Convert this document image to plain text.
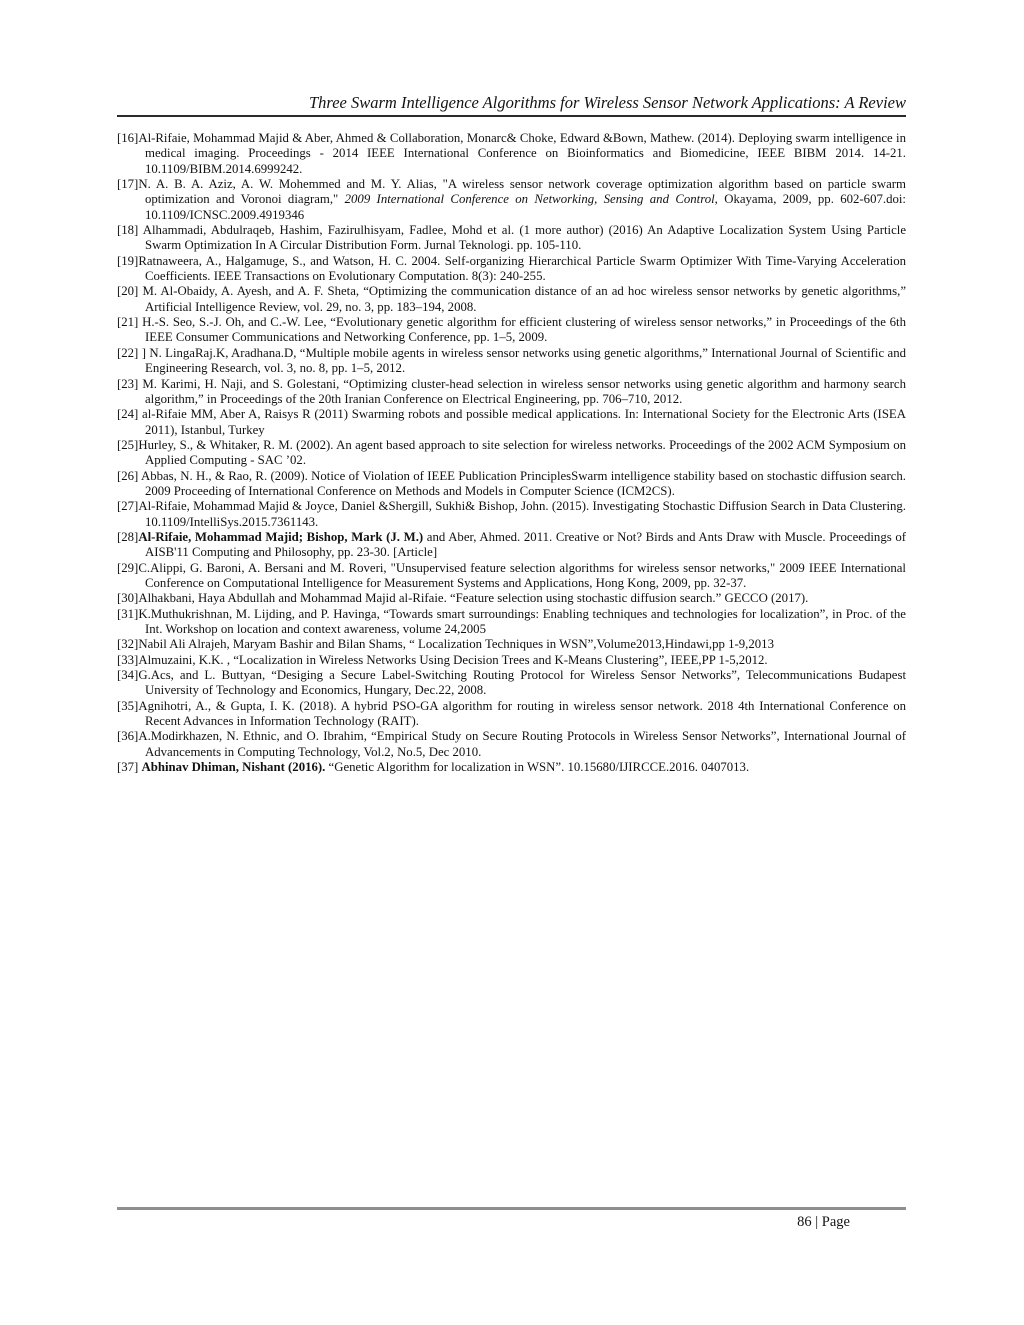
Three Swarm Intelligence Algorithms for Wireless Sensor Network Applications: A Review

[16]Al-Rifaie, Mohammad Majid & Aber, Ahmed & Collaboration, Monarc& Choke, Edward &Bown, Mathew. (2014). Deploying swarm intelligence in medical imaging. Proceedings - 2014 IEEE International Conference on Bioinformatics and Biomedicine, IEEE BIBM 2014. 14-21. 10.1109/BIBM.2014.6999242.

[17]N. A. B. A. Aziz, A. W. Mohemmed and M. Y. Alias, "A wireless sensor network coverage optimization algorithm based on particle swarm optimization and Voronoi diagram," 2009 International Conference on Networking, Sensing and Control, Okayama, 2009, pp. 602-607.doi: 10.1109/ICNSC.2009.4919346

[18] Alhammadi, Abdulraqeb, Hashim, Fazirulhisyam, Fadlee, Mohd et al. (1 more author) (2016) An Adaptive Localization System Using Particle Swarm Optimization In A Circular Distribution Form. Jurnal Teknologi. pp. 105-110.

[19]Ratnaweera, A., Halgamuge, S., and Watson, H. C. 2004. Self-organizing Hierarchical Particle Swarm Optimizer With Time-Varying Acceleration Coefficients. IEEE Transactions on Evolutionary Computation. 8(3): 240-255.

[20] M. Al-Obaidy, A. Ayesh, and A. F. Sheta, “Optimizing the communication distance of an ad hoc wireless sensor networks by genetic algorithms,” Artificial Intelligence Review, vol. 29, no. 3, pp. 183–194, 2008.

[21] H.-S. Seo, S.-J. Oh, and C.-W. Lee, “Evolutionary genetic algorithm for efficient clustering of wireless sensor networks,” in Proceedings of the 6th IEEE Consumer Communications and Networking Conference, pp. 1–5, 2009.

[22] ] N. LingaRaj.K, Aradhana.D, “Multiple mobile agents in wireless sensor networks using genetic algorithms,” International Journal of Scientific and Engineering Research, vol. 3, no. 8, pp. 1–5, 2012.

[23] M. Karimi, H. Naji, and S. Golestani, “Optimizing cluster-head selection in wireless sensor networks using genetic algorithm and harmony search algorithm,” in Proceedings of the 20th Iranian Conference on Electrical Engineering, pp. 706–710, 2012.

[24] al-Rifaie MM, Aber A, Raisys R (2011) Swarming robots and possible medical applications. In: International Society for the Electronic Arts (ISEA 2011), Istanbul, Turkey

[25]Hurley, S., & Whitaker, R. M. (2002). An agent based approach to site selection for wireless networks. Proceedings of the 2002 ACM Symposium on Applied Computing - SAC ’02.

[26] Abbas, N. H., & Rao, R. (2009). Notice of Violation of IEEE Publication PrinciplesSwarm intelligence stability based on stochastic diffusion search. 2009 Proceeding of International Conference on Methods and Models in Computer Science (ICM2CS).

[27]Al-Rifaie, Mohammad Majid & Joyce, Daniel &Shergill, Sukhi& Bishop, John. (2015). Investigating Stochastic Diffusion Search in Data Clustering. 10.1109/IntelliSys.2015.7361143.

[28]Al-Rifaie, Mohammad Majid; Bishop, Mark (J. M.) and Aber, Ahmed. 2011. Creative or Not? Birds and Ants Draw with Muscle. Proceedings of AISB'11 Computing and Philosophy, pp. 23-30. [Article]

[29]C.Alippi, G. Baroni, A. Bersani and M. Roveri, "Unsupervised feature selection algorithms for wireless sensor networks," 2009 IEEE International Conference on Computational Intelligence for Measurement Systems and Applications, Hong Kong, 2009, pp. 32-37.

[30]Alhakbani, Haya Abdullah and Mohammad Majid al-Rifaie. “Feature selection using stochastic diffusion search.” GECCO (2017).

[31]K.Muthukrishnan, M. Lijding, and P. Havinga, “Towards smart surroundings: Enabling techniques and technologies for localization”, in Proc. of the Int. Workshop on location and context awareness, volume 24,2005

[32]Nabil Ali Alrajeh, Maryam Bashir and Bilan Shams, “ Localization Techniques in WSN”,Volume2013,Hindawi,pp 1-9,2013

[33]Almuzaini, K.K. , “Localization in Wireless Networks Using Decision Trees and K-Means Clustering”, IEEE,PP 1-5,2012.

[34]G.Acs, and L. Buttyan, “Desiging a Secure Label-Switching Routing Protocol for Wireless Sensor Networks”, Telecommunications Budapest University of Technology and Economics, Hungary, Dec.22, 2008.

[35]Agnihotri, A., & Gupta, I. K. (2018). A hybrid PSO-GA algorithm for routing in wireless sensor network. 2018 4th International Conference on Recent Advances in Information Technology (RAIT).

[36]A.Modirkhazen, N. Ethnic, and O. Ibrahim, “Empirical Study on Secure Routing Protocols in Wireless Sensor Networks”, International Journal of Advancements in Computing Technology, Vol.2, No.5, Dec 2010.

[37] Abhinav Dhiman, Nishant (2016). “Genetic Algorithm for localization in WSN”. 10.15680/IJIRCCE.2016. 0407013.

86 | Page
